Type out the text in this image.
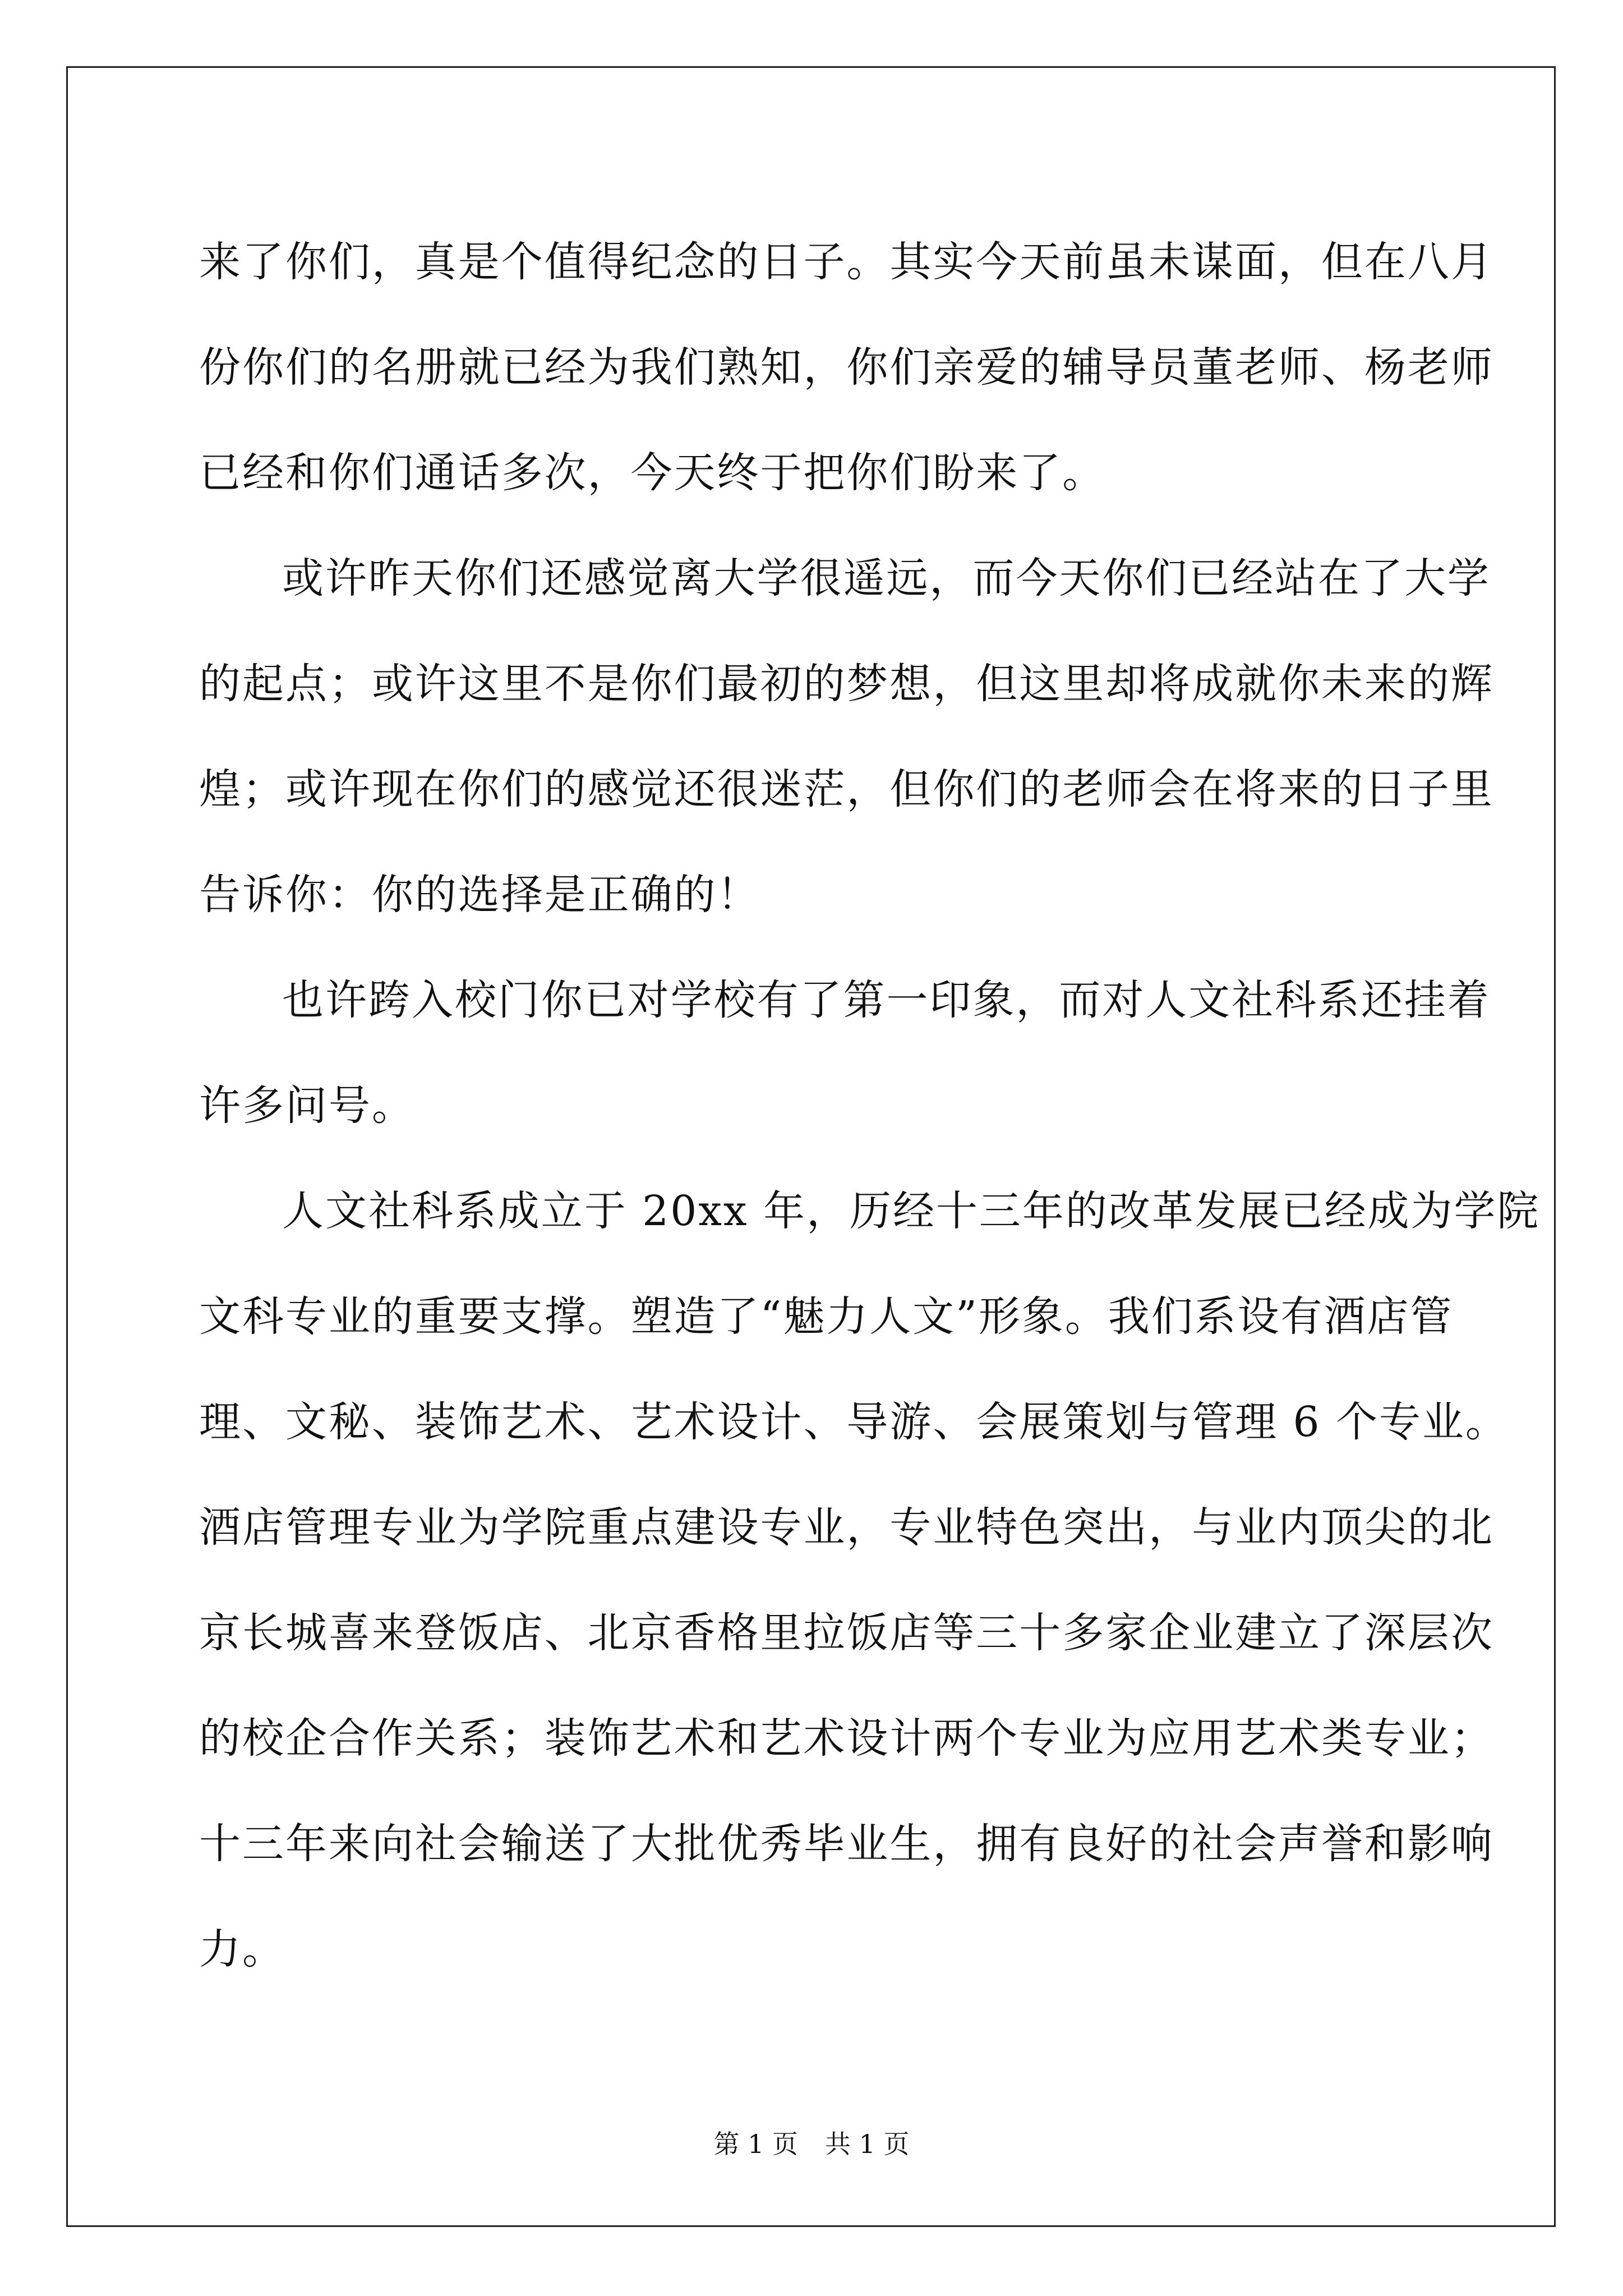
来了你们，真是个值得纪念的日子。其实今天前虽未谋面，但在八月
份你们的名册就已经为我们熟知，你们亲爱的辅导员董老师、杨老师
已经和你们通话多次，今天终于把你们盼来了。
或许昨天你们还感觉离大学很遥远，而今天你们已经站在了大学
的起点；或许这里不是你们最初的梦想，但这里却将成就你未来的辉
煌；或许现在你们的感觉还很迷茫，但你们的老师会在将来的日子里
告诉你：你的选择是正确的！
也许跨入校门你已对学校有了第一印象，而对人文社科系还挂着
许多问号。
人文社科系成立于 20xx 年，历经十三年的改革发展已经成为学院
文科专业的重要支撑。塑造了“魅力人文”形象。我们系设有酒店管
理、文秘、装饰艺术、艺术设计、导游、会展策划与管理 6 个专业。
酒店管理专业为学院重点建设专业，专业特色突出，与业内顶尖的北
京长城喜来登饭店、北京香格里拉饭店等三十多家企业建立了深层次
的校企合作关系；装饰艺术和艺术设计两个专业为应用艺术类专业；
十三年来向社会输送了大批优秀毕业生，拥有良好的社会声誉和影响
力。
第 1 页 共 1 页
